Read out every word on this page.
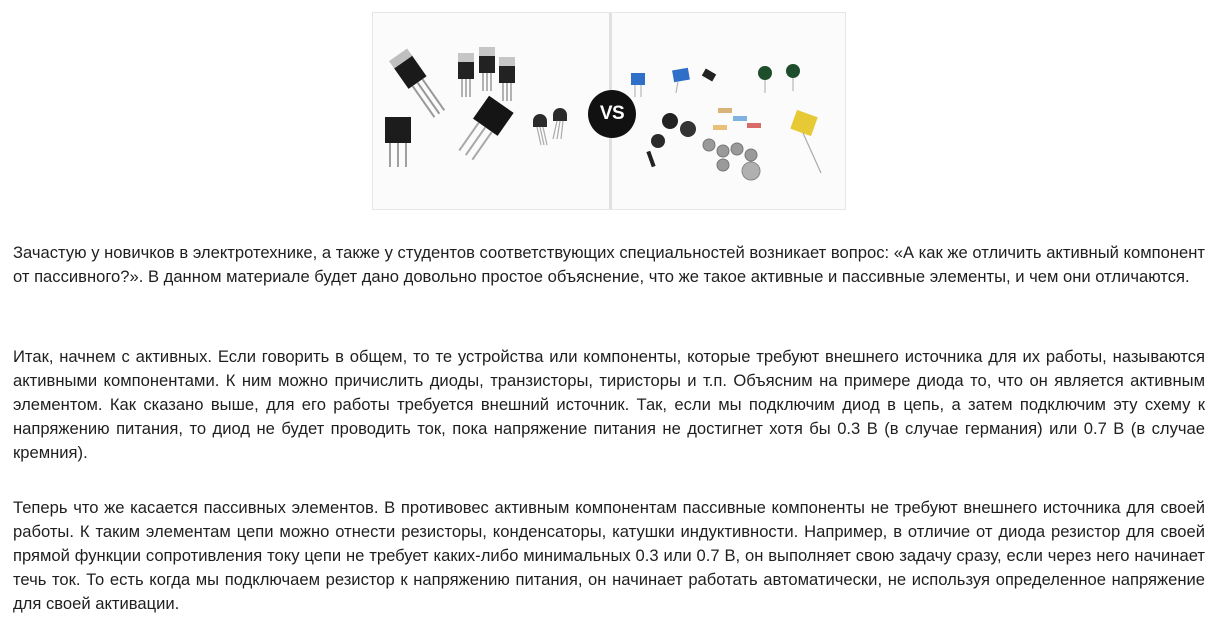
VS

Зачастую у новичков в электротехнике, а также у студентов соответствующих специальностей возникает вопрос: «А как же отличить активный компонент от пассивного?». В данном материале будет дано довольно простое объяснение, что же такое активные и пассивные элементы, и чем они отличаются.

Итак, начнем с активных. Если говорить в общем, то те устройства или компоненты, которые требуют внешнего источника для их работы, называются активными компонентами. К ним можно причислить диоды, транзисторы, тиристоры и т.п. Объясним на примере диода то, что он является активным элементом. Как сказано выше, для его работы требуется внешний источник. Так, если мы подключим диод в цепь, а затем подключим эту схему к напряжению питания, то диод не будет проводить ток, пока напряжение питания не достигнет хотя бы 0.3 В (в случае германия) или 0.7 В (в случае кремния).

Теперь что же касается пассивных элементов. В противовес активным компонентам пассивные компоненты не требуют внешнего источника для своей работы. К таким элементам цепи можно отнести резисторы, конденсаторы, катушки индуктивности. Например, в отличие от диода резистор для своей прямой функции сопротивления току цепи не требует каких-либо минимальных 0.3 или 0.7 В, он выполняет свою задачу сразу, если через него начинает течь ток. То есть когда мы подключаем резистор к напряжению питания, он начинает работать автоматически, не используя определенное напряжение для своей активации.
